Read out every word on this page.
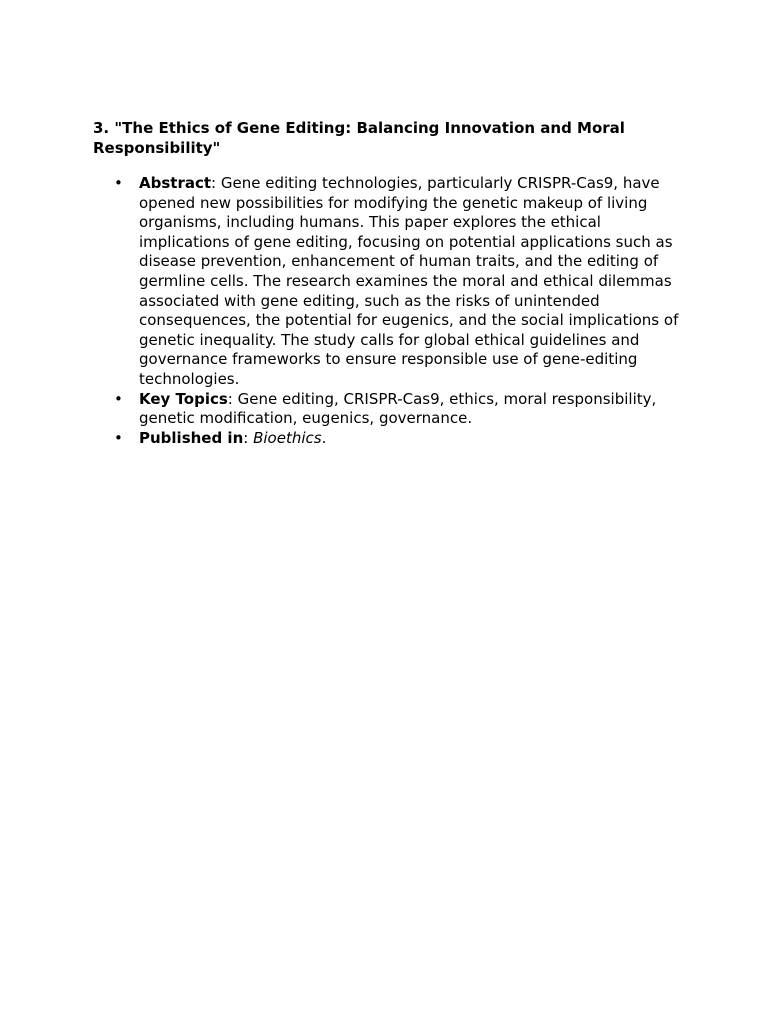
3. "The Ethics of Gene Editing: Balancing Innovation and Moral Responsibility"

• Abstract: Gene editing technologies, particularly CRISPR-Cas9, have opened new possibilities for modifying the genetic makeup of living organisms, including humans. This paper explores the ethical implications of gene editing, focusing on potential applications such as disease prevention, enhancement of human traits, and the editing of germline cells. The research examines the moral and ethical dilemmas associated with gene editing, such as the risks of unintended consequences, the potential for eugenics, and the social implications of genetic inequality. The study calls for global ethical guidelines and governance frameworks to ensure responsible use of gene-editing technologies.
• Key Topics: Gene editing, CRISPR-Cas9, ethics, moral responsibility, genetic modification, eugenics, governance.
• Published in: Bioethics.
